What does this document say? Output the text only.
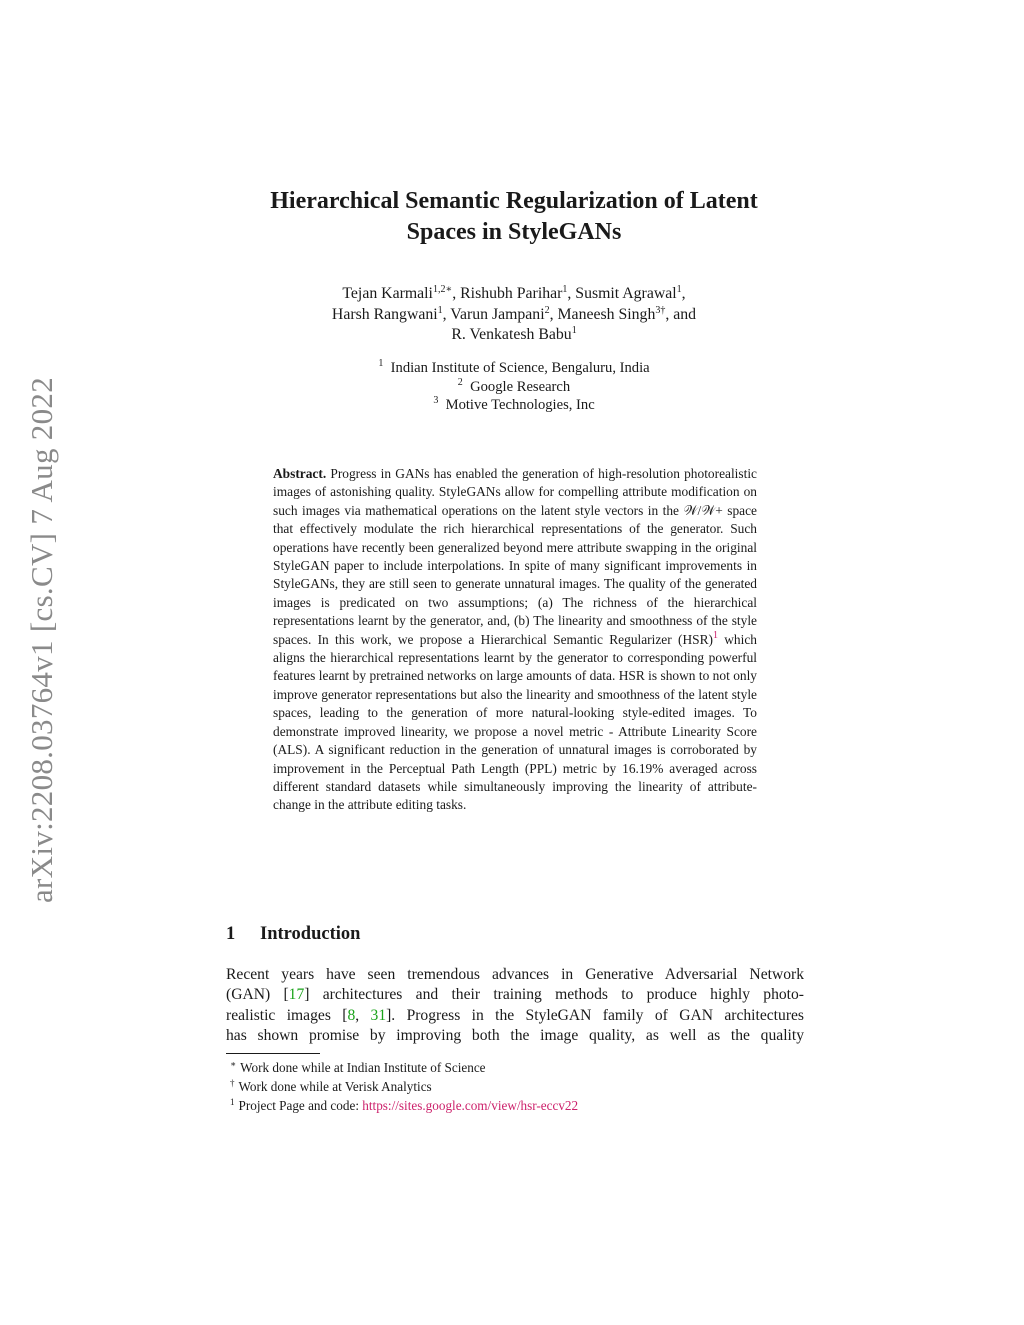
arXiv:2208.03764v1 [cs.CV] 7 Aug 2022
Hierarchical Semantic Regularization of Latent
Spaces in StyleGANs
Tejan Karmali$^{1,2∗}$, Rishubh Parihar$^1$, Susmit Agrawal$^1$,
Harsh Rangwani$^1$, Varun Jampani$^2$, Maneesh Singh$^{3\dagger}$, and
R. Venkatesh Babu$^1$
$^1$ Indian Institute of Science, Bengaluru, India
$^2$ Google Research
$^3$ Motive Technologies, Inc
Abstract. Progress in GANs has enabled the generation of high-resolution photorealistic images of astonishing quality. StyleGANs allow for compelling attribute modification on such images via mathematical operations on the latent style vectors in the 𝒲/𝒲+ space that effectively modulate the rich hierarchical representations of the generator. Such operations have recently been generalized beyond mere attribute swapping in the original StyleGAN paper to include interpolations. In spite of many significant improvements in StyleGANs, they are still seen to generate unnatural images. The quality of the generated images is predicated on two assumptions; (a) The richness of the hierarchical representations learnt by the generator, and, (b) The linearity and smoothness of the style spaces. In this work, we propose a Hierarchical Semantic Regularizer (HSR)$^1$ which aligns the hierarchical representations learnt by the generator to corresponding powerful features learnt by pretrained networks on large amounts of data. HSR is shown to not only improve generator representations but also the linearity and smoothness of the latent style spaces, leading to the generation of more natural-looking style-edited images. To demonstrate improved linearity, we propose a novel metric - Attribute Linearity Score (ALS). A significant reduction in the generation of unnatural images is corroborated by improvement in the Perceptual Path Length (PPL) metric by 16.19% averaged across different standard datasets while simultaneously improving the linearity of attribute-change in the attribute editing tasks.
1 Introduction
Recent years have seen tremendous advances in Generative Adversarial Network
(GAN) [17] architectures and their training methods to produce highly photo-
realistic images [8, 31]. Progress in the StyleGAN family of GAN architectures
has shown promise by improving both the image quality, as well as the quality
∗ Work done while at Indian Institute of Science
† Work done while at Verisk Analytics
$^1$ Project Page and code: https://sites.google.com/view/hsr-eccv22
